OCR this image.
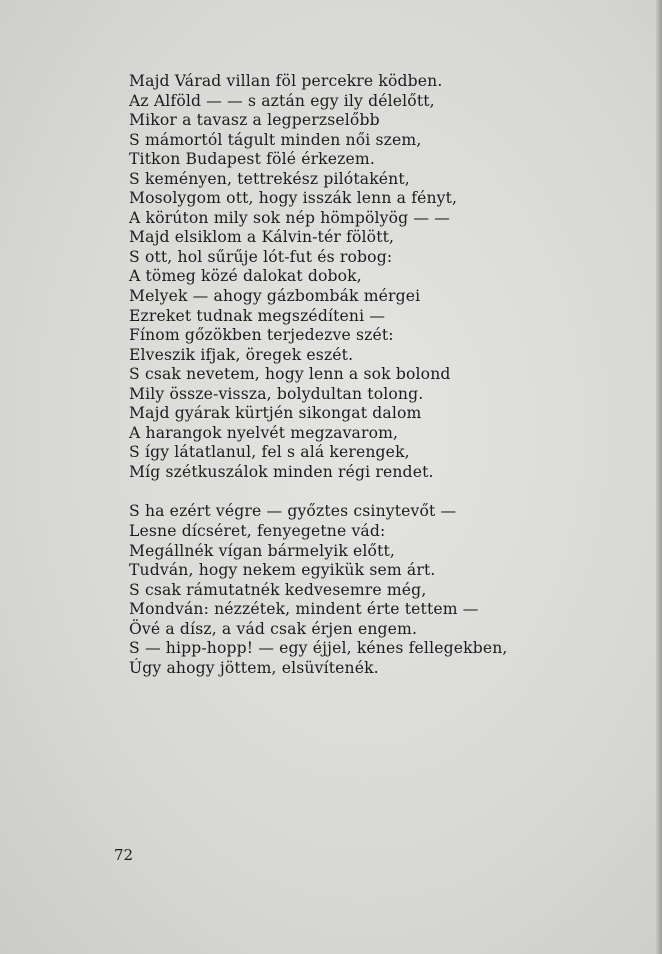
Majd Várad villan föl percekre ködben.
Az Alföld — — s aztán egy ily délelőtt,
Mikor a tavasz a legperzselőbb
S mámortól tágult minden női szem,
Titkon Budapest fölé érkezem.
S keményen, tettrekész pilótaként,
Mosolygom ott, hogy isszák lenn a fényt,
A körúton mily sok nép hömpölyög — —
Majd elsiklom a Kálvin-tér fölött,
S ott, hol sűrűje lót-fut és robog:
A tömeg közé dalokat dobok,
Melyek — ahogy gázbombák mérgei
Ezreket tudnak megszédíteni —
Fínom gőzökben terjedezve szét:
Elveszik ifjak, öregek eszét.
S csak nevetem, hogy lenn a sok bolond
Mily össze-vissza, bolydultan tolong.
Majd gyárak kürtjén sikongat dalom
A harangok nyelvét megzavarom,
S így látatlanul, fel s alá kerengek,
Míg szétkuszálok minden régi rendet.
S ha ezért végre — győztes csinytevőt —
Lesne dícséret, fenyegetne vád:
Megállnék vígan bármelyik előtt,
Tudván, hogy nekem egyikük sem árt.
S csak rámutatnék kedvesemre még,
Mondván: nézzétek, mindent érte tettem —
Övé a dísz, a vád csak érjen engem.
S — hipp-hopp! — egy éjjel, kénes fellegekben,
Úgy ahogy jöttem, elsüvítenék.
72
